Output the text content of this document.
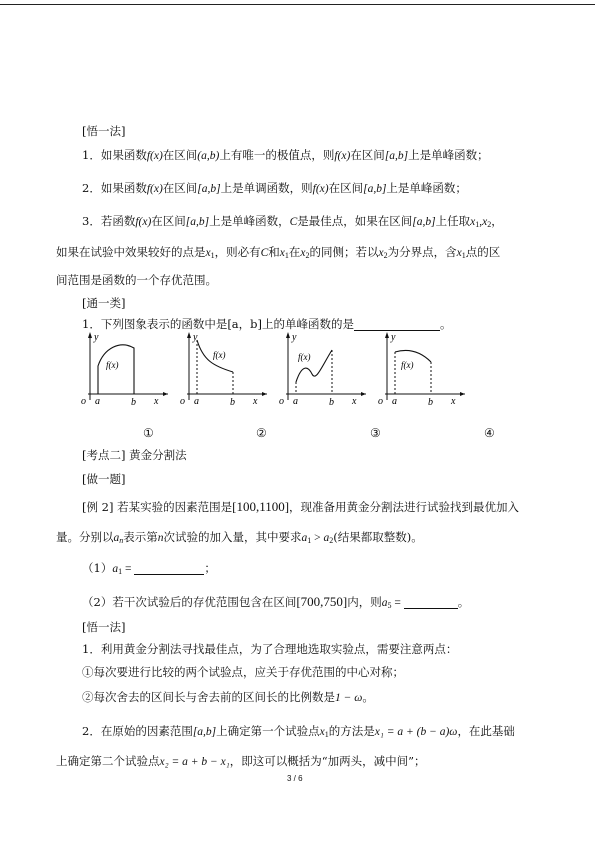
[悟一法]
1．如果函数f(x)在区间(a,b)上有唯一的极值点，则f(x)在区间[a,b]上是单峰函数；
2．如果函数f(x)在区间[a,b]上是单调函数，则f(x)在区间[a,b]上是单峰函数；
3．若函数f(x)在区间[a,b]上是单峰函数，C是最佳点，如果在区间[a,b]上任取$x_1,x_2$，
如果在试验中效果较好的点是$x_1$，则必有C和$x_1$在$x_2$的同侧；若以$x_2$为分界点，含$x_1$点的区
间范围是函数的一个存优范围。
[通一类]
1．下列图象表示的函数中是[a，b]上的单峰函数的是	。
y
f(x)
o a	b x
y
f(x)
o a	b x
y
f(x)
o a	b x
y
f(x)
o a	b x
①	②	③	④
[考点二] 黄金分割法
[做一题]
[例 2] 若某实验的因素范围是[100,1100]，现准备用黄金分割法进行试验找到最优加入
量。分别以$a_n$表示第n次试验的加入量，其中要求$a_1 > a_2$(结果都取整数)。
$(1)a_1$ =	；
（2）若干次试验后的存优范围包含在区间[700,750]内，则$a_5$ =	。
[悟一法]
1．利用黄金分割法寻找最佳点，为了合理地选取实验点，需要注意两点：
①每次要进行比较的两个试验点，应关于存优范围的中心对称；
②每次舍去的区间长与舍去前的区间长的比例数是1 − ω。
2．在原始的因素范围[a,b]上确定第一个试验点$x_1$的方法是x₁ = a + (b − a)ω，在此基础
上确定第二个试验点x₂ = a + b − x₁，即这可以概括为“加两头，减中间”；
3 / 6
